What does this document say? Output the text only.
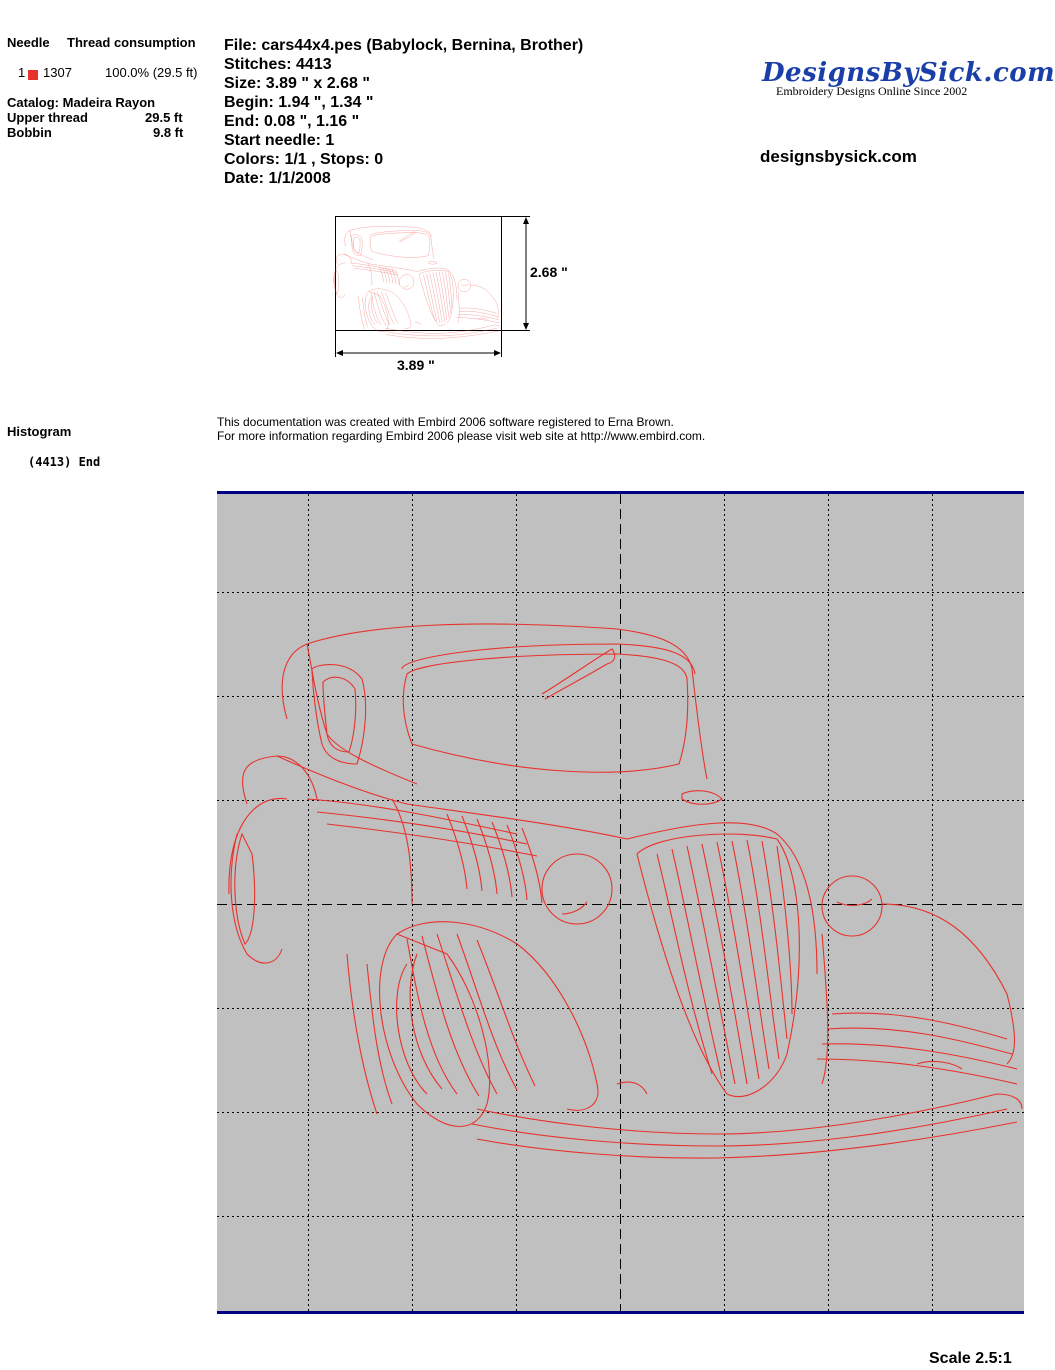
Needle Thread consumption
1 1307	100.0% (29.5 ft)
Catalog: Madeira Rayon
Upper thread	29.5 ft
Bobbin	9.8 ft
File: cars44x4.pes (Babylock, Bernina, Brother)
Stitches: 4413
Size: 3.89 " x 2.68 "
Begin: 1.94 ", 1.34 "
End: 0.08 ", 1.16 "
Start needle: 1
Colors: 1/1 , Stops: 0
Date: 1/1/2008
DesignsBySick.com
Embroidery Designs Online Since 2002
designsbysick.com
2.68 "
3.89 "
Histogram
(4413) End
This documentation was created with Embird 2006 software registered to Erna Brown.
For more information regarding Embird 2006 please visit web site at http://www.embird.com.
Scale 2.5:1
